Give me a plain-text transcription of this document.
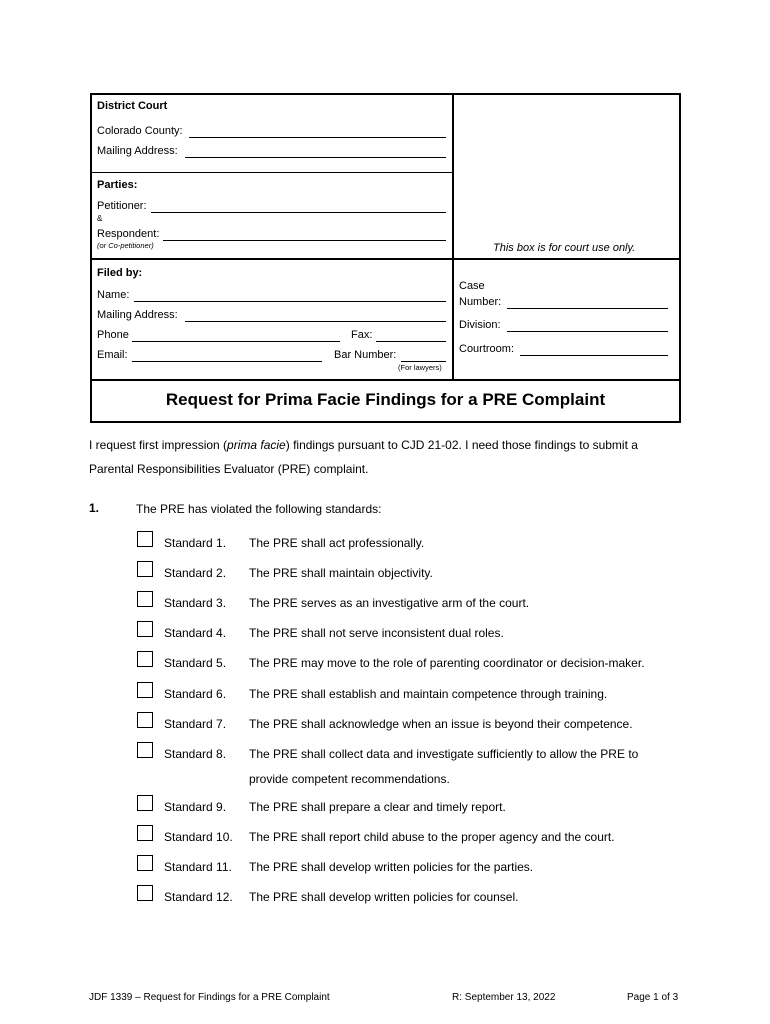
District Court
Colorado County:
Mailing Address:
Parties:
Petitioner:
&
Respondent:
(or Co-petitioner)	This box is for court use only.
Filed by:
Name:
Mailing Address:
Phone	Fax:
Email:	Bar Number:
(For lawyers)
Case
Number:
Division:
Courtroom:
Request for Prima Facie Findings for a PRE Complaint
I request first impression (prima facie) findings pursuant to CJD 21-02. I need those findings to submit a
Parental Responsibilities Evaluator (PRE) complaint.
1.	The PRE has violated the following standards:
Standard 1. The PRE shall act professionally.
Standard 2. The PRE shall maintain objectivity.
Standard 3. The PRE serves as an investigative arm of the court.
Standard 4. The PRE shall not serve inconsistent dual roles.
Standard 5. The PRE may move to the role of parenting coordinator or decision-maker.
Standard 6. The PRE shall establish and maintain competence through training.
Standard 7. The PRE shall acknowledge when an issue is beyond their competence.
Standard 8. The PRE shall collect data and investigate sufficiently to allow the PRE to
provide competent recommendations.
Standard 9. The PRE shall prepare a clear and timely report.
Standard 10. The PRE shall report child abuse to the proper agency and the court.
Standard 11. The PRE shall develop written policies for the parties.
Standard 12. The PRE shall develop written policies for counsel.
JDF 1339 – Request for Findings for a PRE Complaint	R: September 13, 2022	Page 1 of 3
